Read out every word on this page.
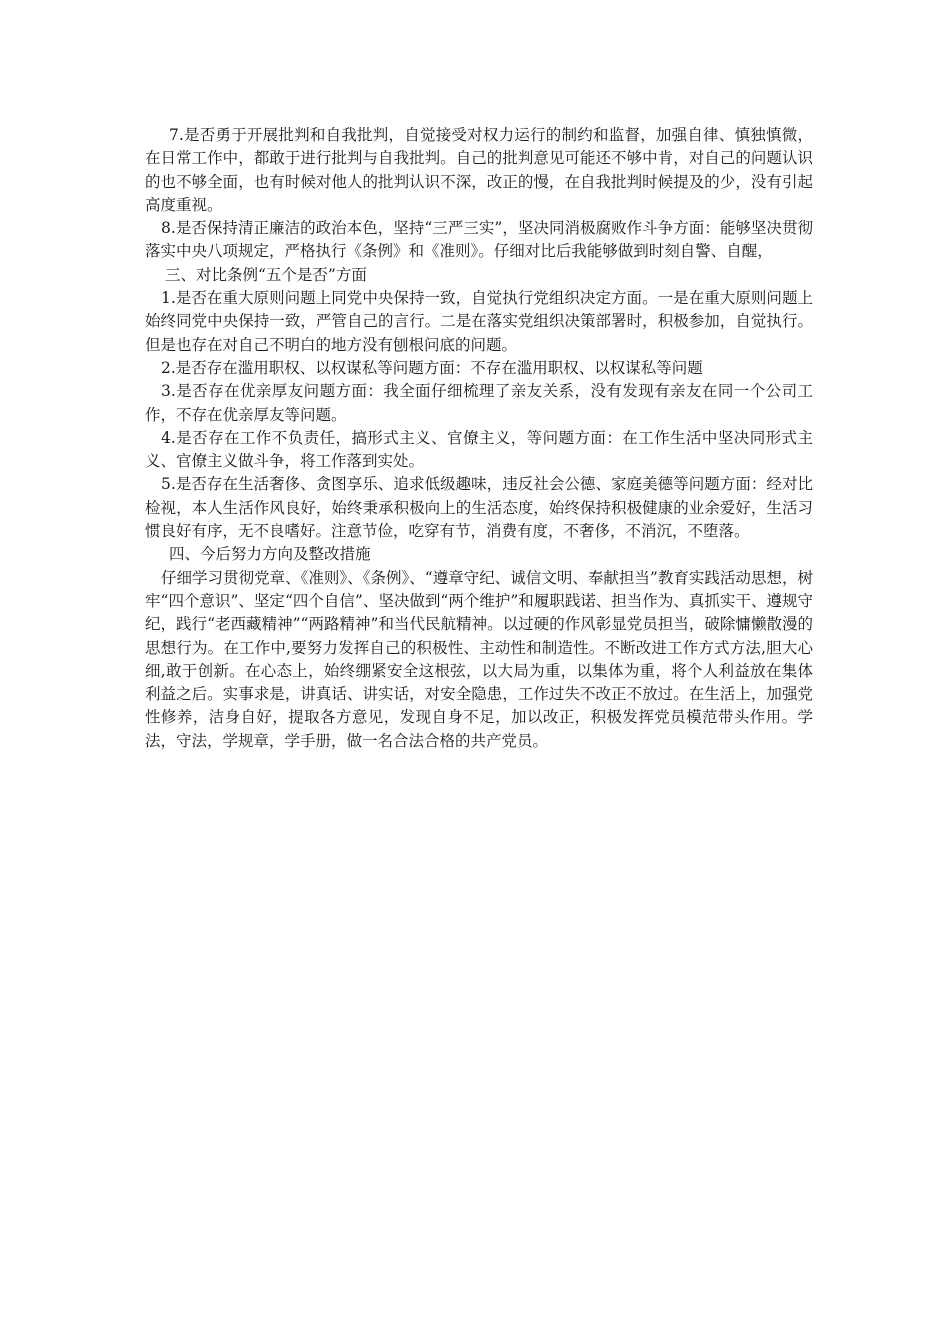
7.是否勇于开展批判和自我批判，自觉接受对权力运行的制约和监督，加强自律、慎独慎微，在日常工作中，都敢于进行批判与自我批判。自己的批判意见可能还不够中肯，对自己的问题认识的也不够全面，也有时候对他人的批判认识不深，改正的慢，在自我批判时候提及的少，没有引起高度重视。

8.是否保持清正廉洁的政治本色，坚持“三严三实”，坚决同消极腐败作斗争方面：能够坚决贯彻落实中央八项规定，严格执行《条例》和《准则》。仔细对比后我能够做到时刻自警、自醒，

三、对比条例“五个是否”方面

1.是否在重大原则问题上同党中央保持一致，自觉执行党组织决定方面。一是在重大原则问题上始终同党中央保持一致，严管自己的言行。二是在落实党组织决策部署时，积极参加，自觉执行。但是也存在对自己不明白的地方没有刨根问底的问题。

2.是否存在滥用职权、以权谋私等问题方面：不存在滥用职权、以权谋私等问题

3.是否存在优亲厚友问题方面：我全面仔细梳理了亲友关系，没有发现有亲友在同一个公司工作，不存在优亲厚友等问题。

4.是否存在工作不负责任，搞形式主义、官僚主义，等问题方面：在工作生活中坚决同形式主义、官僚主义做斗争，将工作落到实处。

5.是否存在生活奢侈、贪图享乐、追求低级趣味，违反社会公德、家庭美德等问题方面：经对比检视，本人生活作风良好，始终秉承积极向上的生活态度，始终保持积极健康的业余爱好，生活习惯良好有序，无不良嗜好。注意节俭，吃穿有节，消费有度，不奢侈，不消沉，不堕落。

四、今后努力方向及整改措施

仔细学习贯彻党章、《准则》、《条例》、“遵章守纪、诚信文明、奉献担当”教育实践活动思想，树牢“四个意识”、坚定“四个自信”、坚决做到“两个维护”和履职践诺、担当作为、真抓实干、遵规守纪，践行“老西藏精神”“两路精神”和当代民航精神。以过硬的作风彰显党员担当，破除慵懒散漫的思想行为。在工作中,要努力发挥自己的积极性、主动性和制造性。不断改进工作方式方法,胆大心细,敢于创新。在心态上，始终绷紧安全这根弦，以大局为重，以集体为重，将个人利益放在集体利益之后。实事求是，讲真话、讲实话，对安全隐患，工作过失不改正不放过。在生活上，加强党性修养，洁身自好，提取各方意见，发现自身不足，加以改正，积极发挥党员模范带头作用。学法，守法，学规章，学手册，做一名合法合格的共产党员。
